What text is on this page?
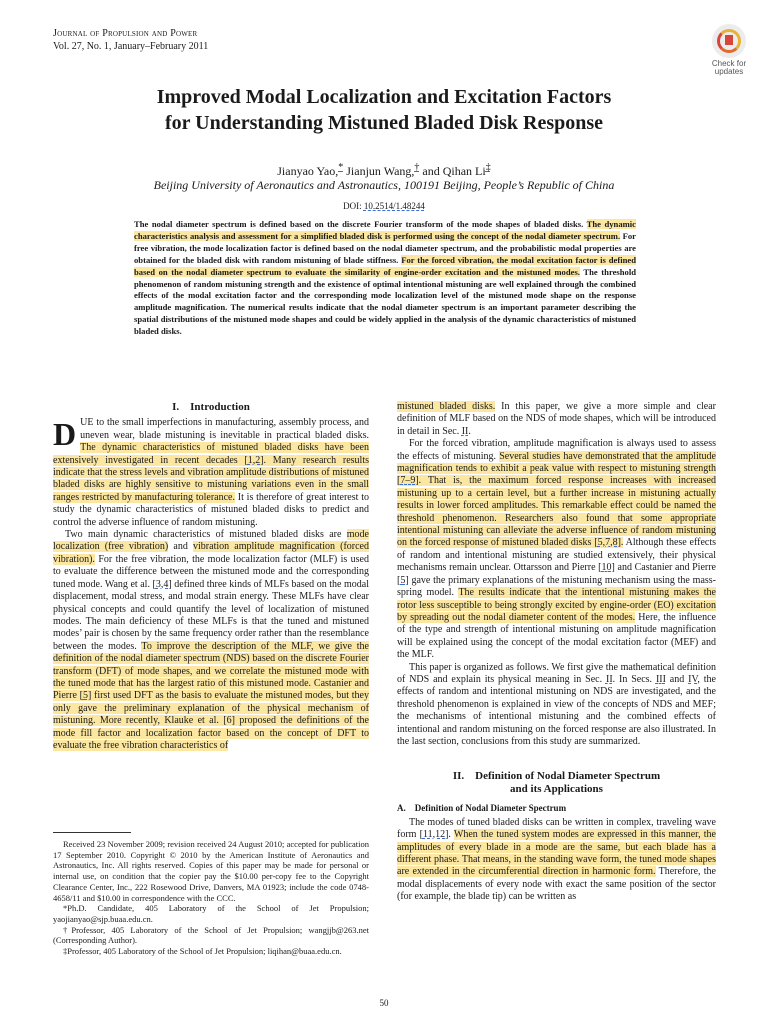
Journal of Propulsion and Power
Vol. 27, No. 1, January–February 2011
Check for
updates
Improved Modal Localization and Excitation Factors
for Understanding Mistuned Bladed Disk Response
Jianyao Yao,* Jianjun Wang,† and Qihan Li‡
Beijing University of Aeronautics and Astronautics, 100191 Beijing, People’s Republic of China
DOI: 10.2514/1.48244
The nodal diameter spectrum is defined based on the discrete Fourier transform of the mode shapes of bladed disks. The dynamic characteristics analysis and assessment for a simplified bladed disk is performed using the concept of the nodal diameter spectrum. For free vibration, the mode localization factor is defined based on the nodal diameter spectrum, and the probabilistic modal properties are obtained for the bladed disk with random mistuning of blade stiffness. For the forced vibration, the modal excitation factor is defined based on the nodal diameter spectrum to evaluate the similarity of engine-order excitation and the mistuned modes. The threshold phenomenon of random mistuning strength and the existence of optimal intentional mistuning are well explained through the combined effects of the modal excitation factor and the corresponding mode localization level of the mistuned mode shape on the response amplitude magnification. The numerical results indicate that the nodal diameter spectrum is an important parameter describing the spatial distributions of the mistuned mode shapes and could be widely applied in the analysis of the dynamic characteristics of mistuned bladed disks.
I. Introduction

DUE to the small imperfections in manufacturing, assembly process, and uneven wear, blade mistuning is inevitable in practical bladed disks. The dynamic characteristics of mistuned bladed disks have been extensively investigated in recent decades [1,2]. Many research results indicate that the stress levels and vibration amplitude distributions of mistuned bladed disks are highly sensitive to mistuning variations even in the small ranges restricted by manufacturing tolerance. It is therefore of great interest to study the dynamic characteristics of mistuned bladed disks to predict and control the adverse influence of random mistuning.

Two main dynamic characteristics of mistuned bladed disks are mode localization (free vibration) and vibration amplitude magnification (forced vibration). For the free vibration, the mode localization factor (MLF) is used to evaluate the difference between the mistuned mode and the corresponding tuned mode. Wang et al. [3,4] defined three kinds of MLFs based on the modal displacement, modal stress, and modal strain energy. These MLFs have clear physical concepts and could quantify the level of localization of mistuned modes. The main deficiency of these MLFs is that the tuned and mistuned modes’ pair is chosen by the same frequency order rather than the resemblance between the modes. To improve the description of the MLF, we give the definition of the nodal diameter spectrum (NDS) based on the discrete Fourier transform (DFT) of mode shapes, and we correlate the mistuned mode with the tuned mode that has the largest ratio of this mistuned mode. Castanier and Pierre [5] first used DFT as the basis to evaluate the mistuned modes, but they only gave the preliminary explanation of the physical mechanism of mistuning. More recently, Klauke et al. [6] proposed the definitions of the mode fill factor and localization factor based on the concept of DFT to evaluate the free vibration characteristics of

Received 23 November 2009; revision received 24 August 2010; accepted for publication 17 September 2010. Copyright © 2010 by the American Institute of Aeronautics and Astronautics, Inc. All rights reserved. Copies of this paper may be made for personal or internal use, on condition that the copier pay the $10.00 per-copy fee to the Copyright Clearance Center, Inc., 222 Rosewood Drive, Danvers, MA 01923; include the code 0748-4658/11 and $10.00 in correspondence with the CCC.

*Ph.D. Candidate, 405 Laboratory of the School of Jet Propulsion; yaojianyao@sjp.buaa.edu.cn.

†Professor, 405 Laboratory of the School of Jet Propulsion; wangjjb@263.net (Corresponding Author).

‡Professor, 405 Laboratory of the School of Jet Propulsion; liqihan@buaa.edu.cn.

mistuned bladed disks. In this paper, we give a more simple and clear definition of MLF based on the NDS of mode shapes, which will be introduced in detail in Sec. II.

For the forced vibration, amplitude magnification is always used to assess the effects of mistuning. Several studies have demonstrated that the amplitude magnification tends to exhibit a peak value with respect to mistuning strength [7–9]. That is, the maximum forced response increases with increased mistuning up to a certain level, but a further increase in mistuning actually results in lower forced amplitudes. This remarkable effect could be named the threshold phenomenon. Researchers also found that some appropriate intentional mistuning can alleviate the adverse influence of random mistuning on the forced response of mistuned bladed disks [5,7,8]. Although these effects of random and intentional mistuning are studied extensively, their physical mechanisms remain unclear. Ottarsson and Pierre [10] and Castanier and Pierre [5] gave the primary explanations of the mistuning mechanism using the mass-spring model. The results indicate that the intentional mistuning makes the rotor less susceptible to being strongly excited by engine-order (EO) excitation by spreading out the nodal diameter content of the modes. Here, the influence of the type and strength of intentional mistuning on amplitude magnification will be explained using the concept of the modal excitation factor (MEF) and the MLF.

This paper is organized as follows. We first give the mathematical definition of NDS and explain its physical meaning in Sec. II. In Secs. III and IV, the effects of random and intentional mistuning on NDS are investigated, and the threshold phenomenon is explained in view of the concepts of NDS and MEF; the mechanisms of intentional mistuning and the combined effects of intentional and random mistuning on the forced response are also illustrated. In the last section, conclusions from this study are summarized.

II. Definition of Nodal Diameter Spectrum
and its Applications
A. Definition of Nodal Diameter Spectrum

The modes of tuned bladed disks can be written in complex, traveling wave form [11,12]. When the tuned system modes are expressed in this manner, the amplitudes of every blade in a mode are the same, but each blade has a different phase. That means, in the standing wave form, the tuned mode shapes are extended in the circumferential direction in harmonic form. Therefore, the modal displacements of every node with exact the same position of the sector (for example, the blade tip) can be written as

50
